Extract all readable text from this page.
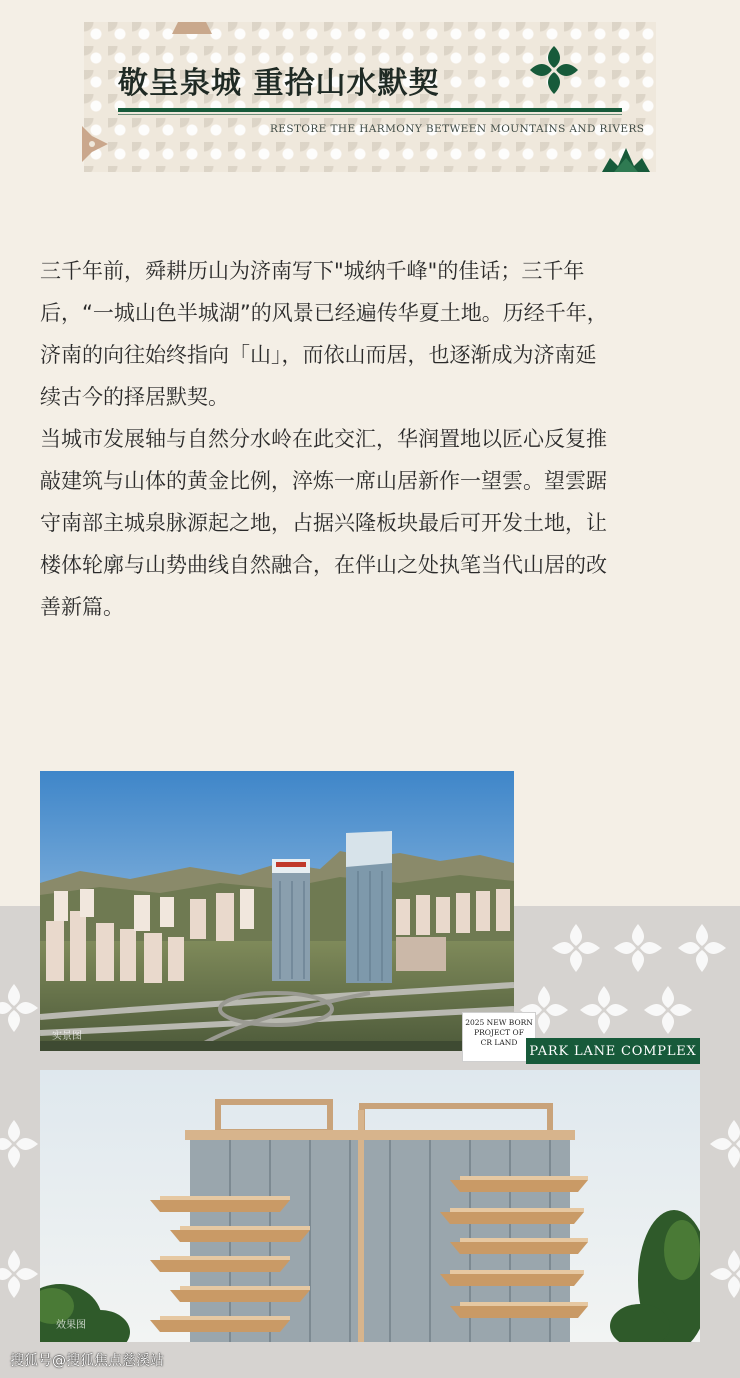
敬呈泉城 重拾山水默契
RESTORE THE HARMONY BETWEEN MOUNTAINS AND RIVERS

三千年前，舜耕历山为济南写下"城纳千峰"的佳话；三千年

后，“一城山色半城湖”的风景已经遍传华夏土地。历经千年，

济南的向往始终指向「山」，而依山而居，也逐渐成为济南延

续古今的择居默契。

当城市发展轴与自然分水岭在此交汇，华润置地以匠心反复推

敲建筑与山体的黄金比例，淬炼一席山居新作一望雲。望雲踞

守南部主城泉脉源起之地，占据兴隆板块最后可开发土地，让

楼体轮廓与山势曲线自然融合，在伴山之处执笔当代山居的改

善新篇。

实景图
效果图
2025 NEW BORN
PROJECT OF
CR LAND
PARK LANE COMPLEX
搜狐号@搜狐焦点慈溪站
